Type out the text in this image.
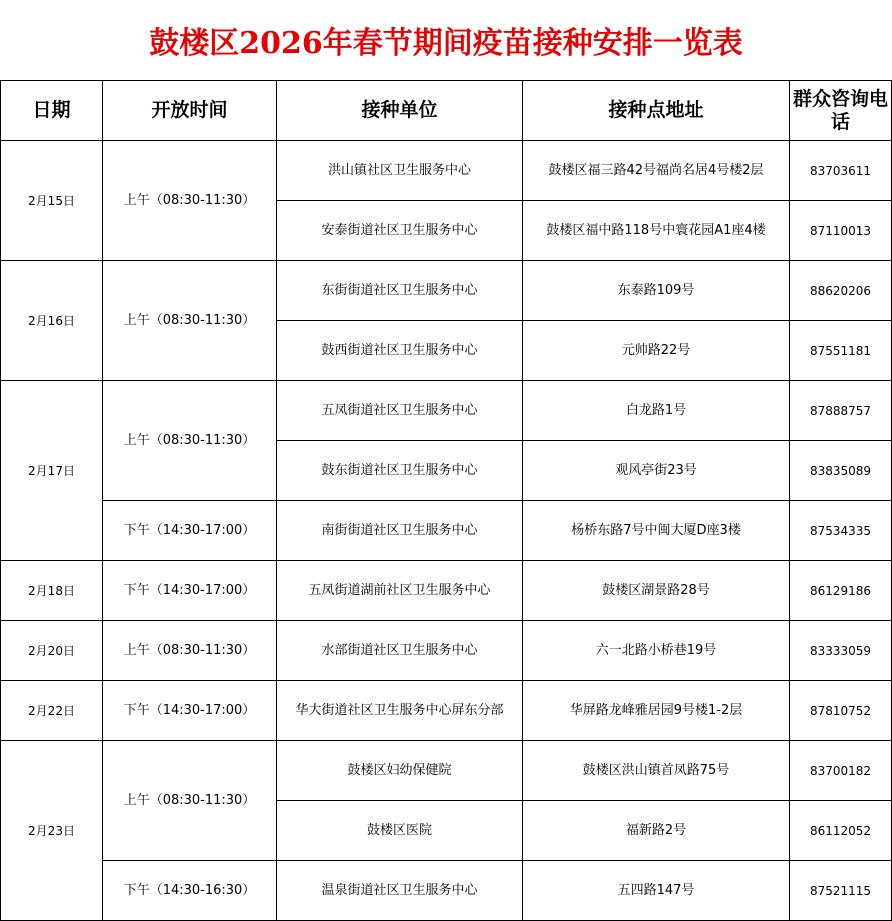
鼓楼区2026年春节期间疫苗接种安排一览表
日期	开放时间	接种单位	接种点地址	群众咨询电话
2月15日	上午（08:30-11:30）	洪山镇社区卫生服务中心	鼓楼区福三路42号福尚名居4号楼2层	83703611
		安泰街道社区卫生服务中心	鼓楼区福中路118号中寰花园A1座4楼	87110013
2月16日	上午（08:30-11:30）	东街街道社区卫生服务中心	东泰路109号	88620206
		鼓西街道社区卫生服务中心	元帅路22号	87551181
2月17日	上午（08:30-11:30）	五凤街道社区卫生服务中心	白龙路1号	87888757
		鼓东街道社区卫生服务中心	观风亭街23号	83835089
	下午（14:30-17:00）	南街街道社区卫生服务中心	杨桥东路7号中闽大厦D座3楼	87534335
2月18日	下午（14:30-17:00）	五凤街道湖前社区卫生服务中心	鼓楼区湖景路28号	86129186
2月20日	上午（08:30-11:30）	水部街道社区卫生服务中心	六一北路小桥巷19号	83333059
2月22日	下午（14:30-17:00）	华大街道社区卫生服务中心屏东分部	华屏路龙峰雅居园9号楼1-2层	87810752
2月23日	上午（08:30-11:30）	鼓楼区妇幼保健院	鼓楼区洪山镇首凤路75号	83700182
		鼓楼区医院	福新路2号	86112052
	下午（14:30-16:30）	温泉街道社区卫生服务中心	五四路147号	87521115
